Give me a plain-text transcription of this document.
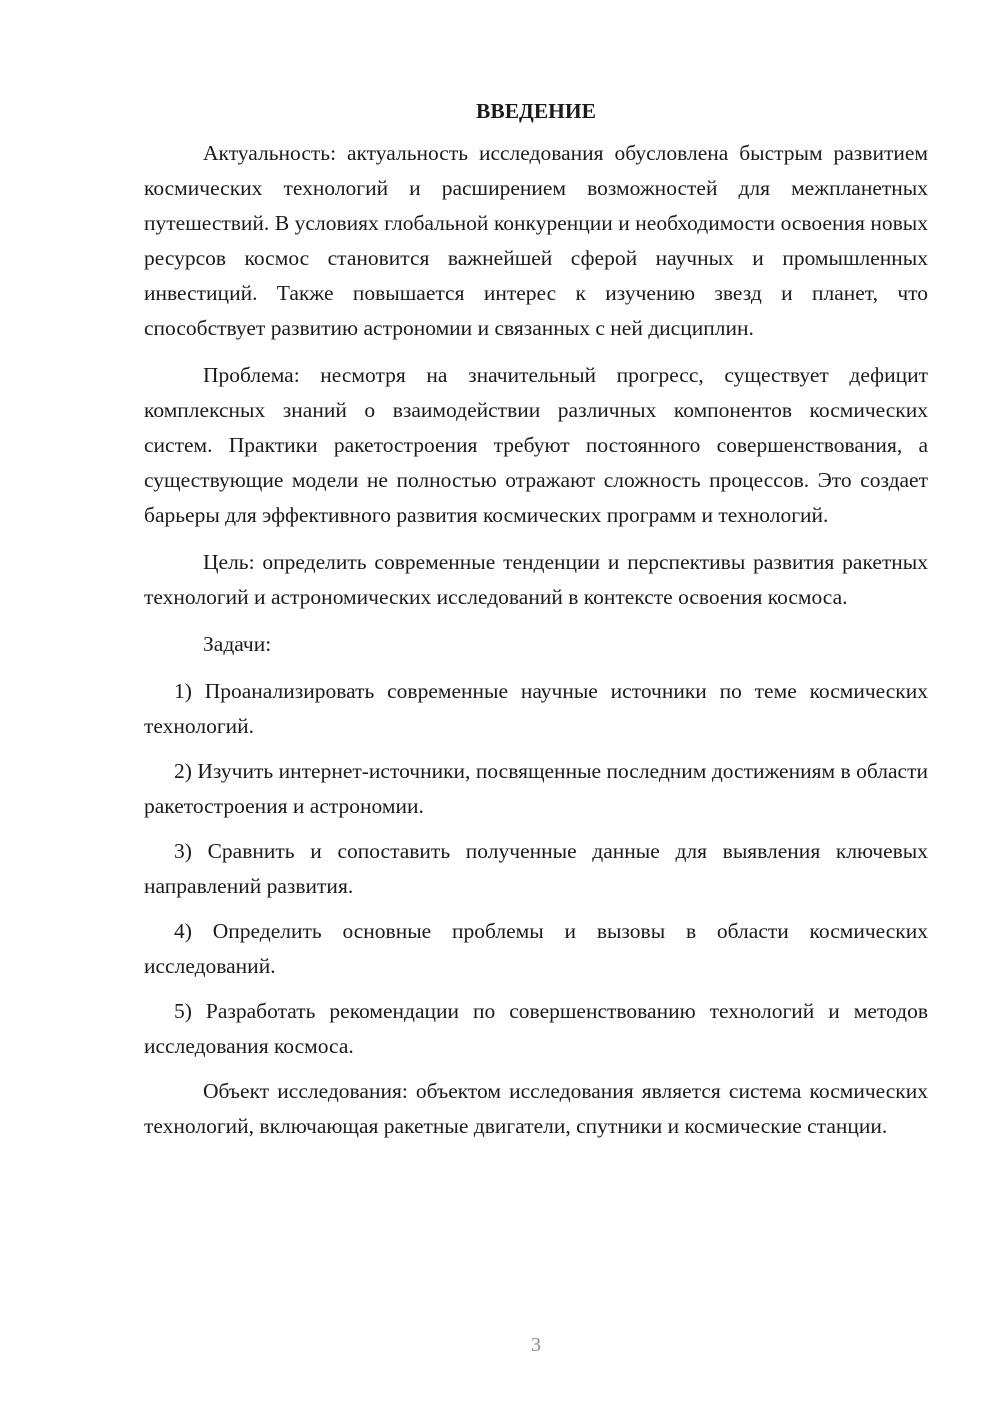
ВВЕДЕНИЕ

Актуальность: актуальность исследования обусловлена быстрым развитием космических технологий и расширением возможностей для межпланетных путешествий. В условиях глобальной конкуренции и необходимости освоения новых ресурсов космос становится важнейшей сферой научных и промышленных инвестиций. Также повышается интерес к изучению звезд и планет, что способствует развитию астрономии и связанных с ней дисциплин.

Проблема: несмотря на значительный прогресс, существует дефицит комплексных знаний о взаимодействии различных компонентов космических систем. Практики ракетостроения требуют постоянного совершенствования, а существующие модели не полностью отражают сложность процессов. Это создает барьеры для эффективного развития космических программ и технологий.

Цель: определить современные тенденции и перспективы развития ракетных технологий и астрономических исследований в контексте освоения космоса.

Задачи:

1) Проанализировать современные научные источники по теме космических технологий.

2) Изучить интернет-источники, посвященные последним достижениям в области ракетостроения и астрономии.

3) Сравнить и сопоставить полученные данные для выявления ключевых направлений развития.

4) Определить основные проблемы и вызовы в области космических исследований.

5) Разработать рекомендации по совершенствованию технологий и методов исследования космоса.

Объект исследования: объектом исследования является система космических технологий, включающая ракетные двигатели, спутники и космические станции.

3
